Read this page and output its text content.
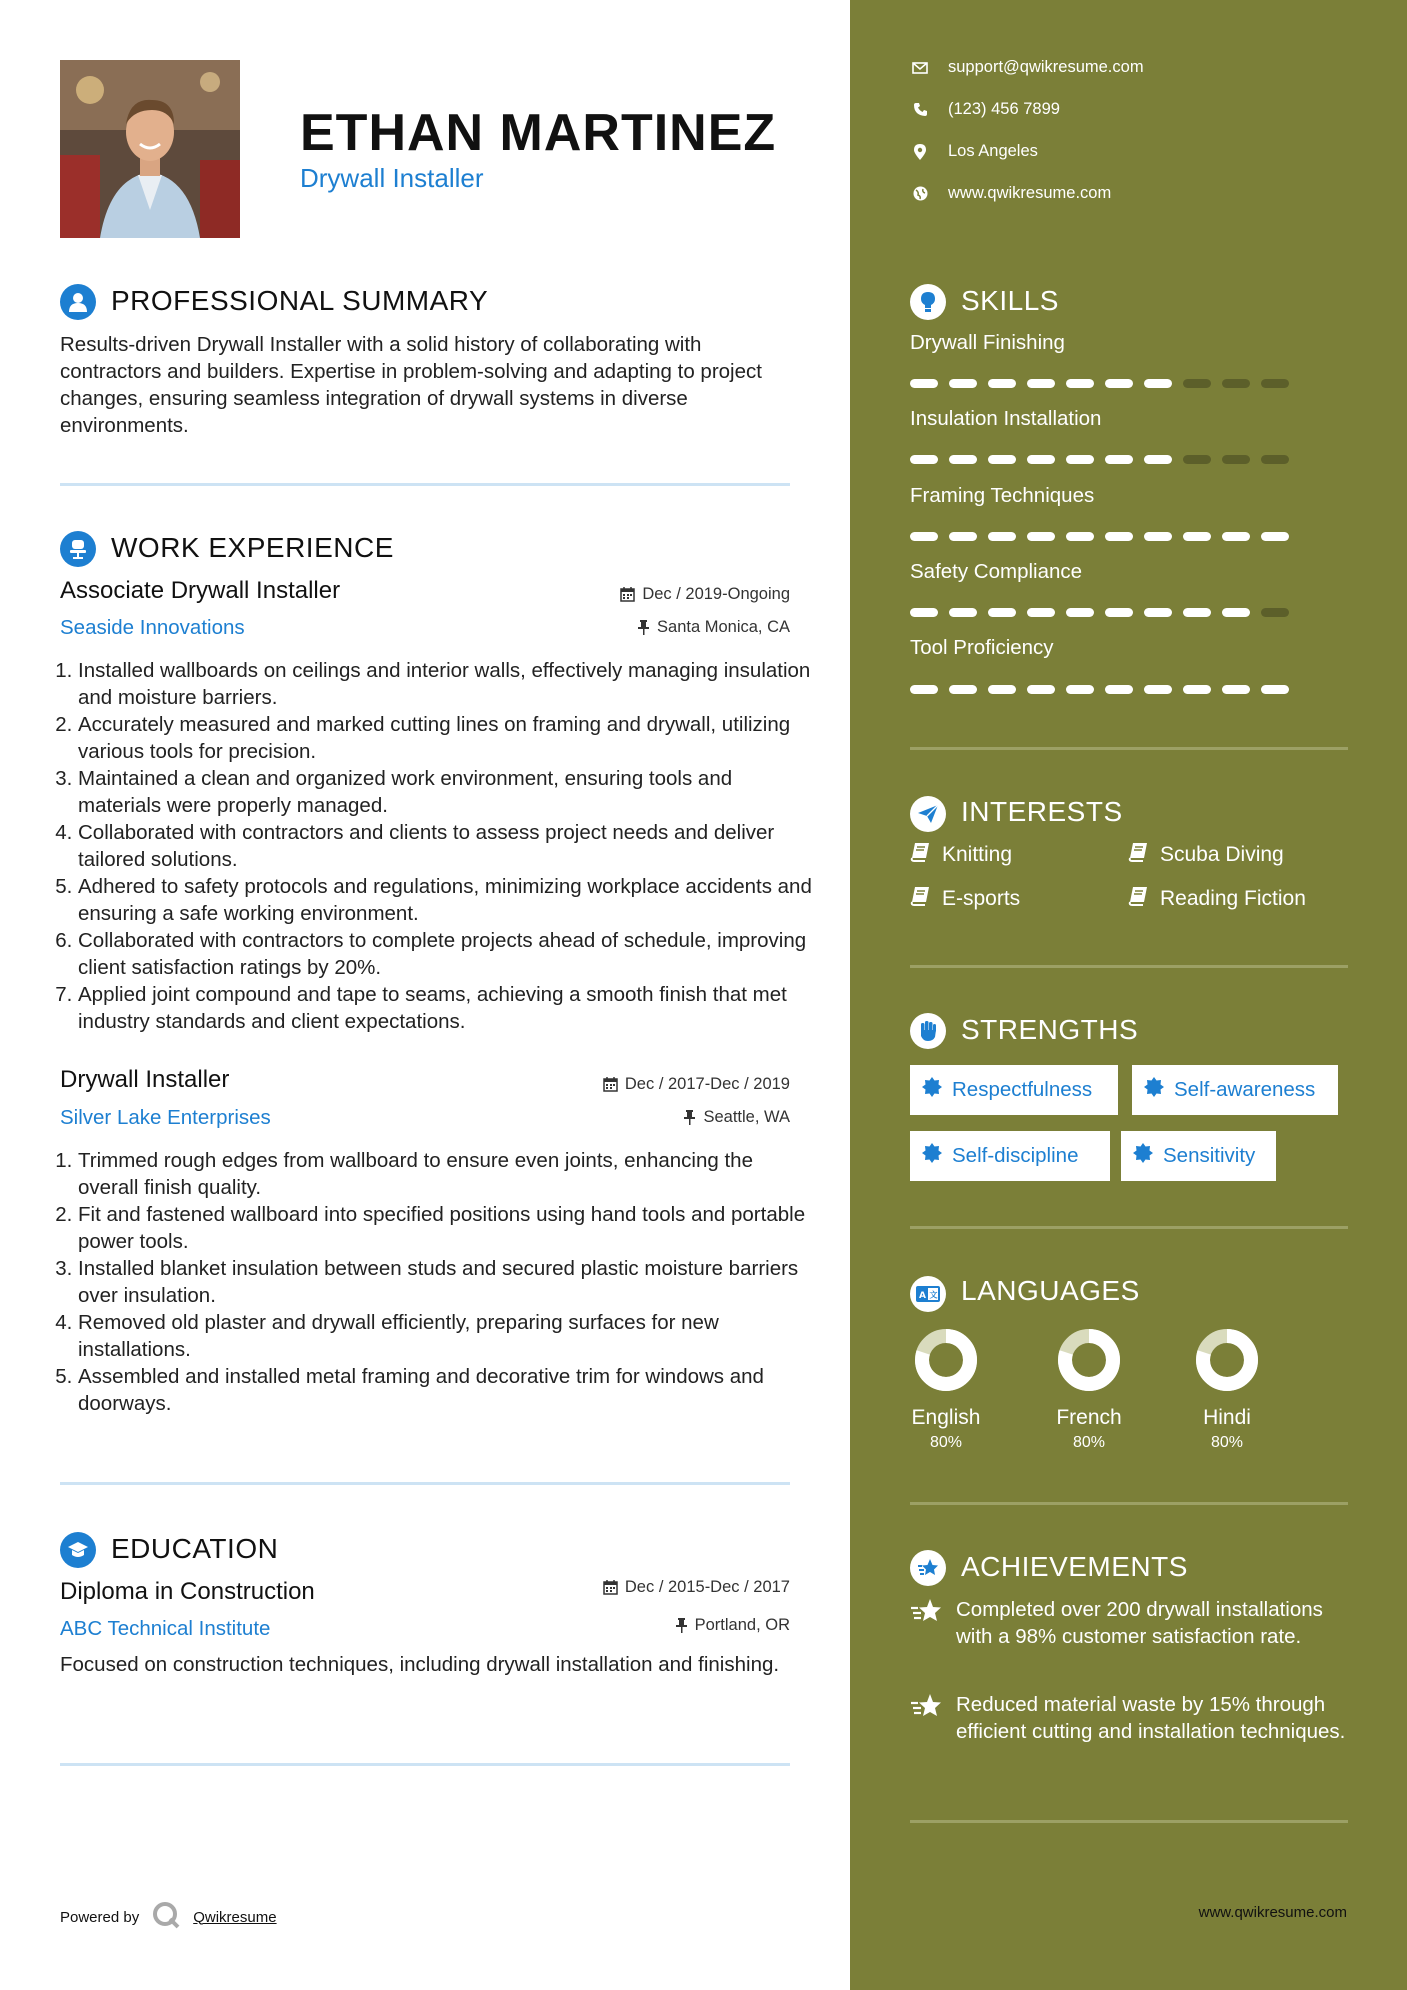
ETHAN MARTINEZ
Drywall Installer
PROFESSIONAL SUMMARY
Results-driven Drywall Installer with a solid history of collaborating with contractors and builders. Expertise in problem-solving and adapting to project changes, ensuring seamless integration of drywall systems in diverse environments.
WORK EXPERIENCE
Associate Drywall Installer	Dec / 2019-Ongoing
Seaside Innovations	Santa Monica, CA
1. Installed wallboards on ceilings and interior walls, effectively managing insulation and moisture barriers.
2. Accurately measured and marked cutting lines on framing and drywall, utilizing various tools for precision.
3. Maintained a clean and organized work environment, ensuring tools and materials were properly managed.
4. Collaborated with contractors and clients to assess project needs and deliver tailored solutions.
5. Adhered to safety protocols and regulations, minimizing workplace accidents and ensuring a safe working environment.
6. Collaborated with contractors to complete projects ahead of schedule, improving client satisfaction ratings by 20%.
7. Applied joint compound and tape to seams, achieving a smooth finish that met industry standards and client expectations.
Drywall Installer	Dec / 2017-Dec / 2019
Silver Lake Enterprises	Seattle, WA
1. Trimmed rough edges from wallboard to ensure even joints, enhancing the overall finish quality.
2. Fit and fastened wallboard into specified positions using hand tools and portable power tools.
3. Installed blanket insulation between studs and secured plastic moisture barriers over insulation.
4. Removed old plaster and drywall efficiently, preparing surfaces for new installations.
5. Assembled and installed metal framing and decorative trim for windows and doorways.
EDUCATION
Diploma in Construction	Dec / 2015-Dec / 2017
ABC Technical Institute	Portland, OR
Focused on construction techniques, including drywall installation and finishing.
Powered by	Qwikresume
support@qwikresume.com
(123) 456 7899
Los Angeles
www.qwikresume.com
SKILLS
Drywall Finishing
Insulation Installation
Framing Techniques
Safety Compliance
Tool Proficiency
INTERESTS
Knitting	Scuba Diving
E-sports	Reading Fiction
STRENGTHS
Respectfulness	Self-awareness
Self-discipline	Sensitivity
A 文 LANGUAGES
English
80%
French
80%
Hindi
80%
ACHIEVEMENTS
Completed over 200 drywall installations with a 98% customer satisfaction rate.
Reduced material waste by 15% through efficient cutting and installation techniques.
www.qwikresume.com
